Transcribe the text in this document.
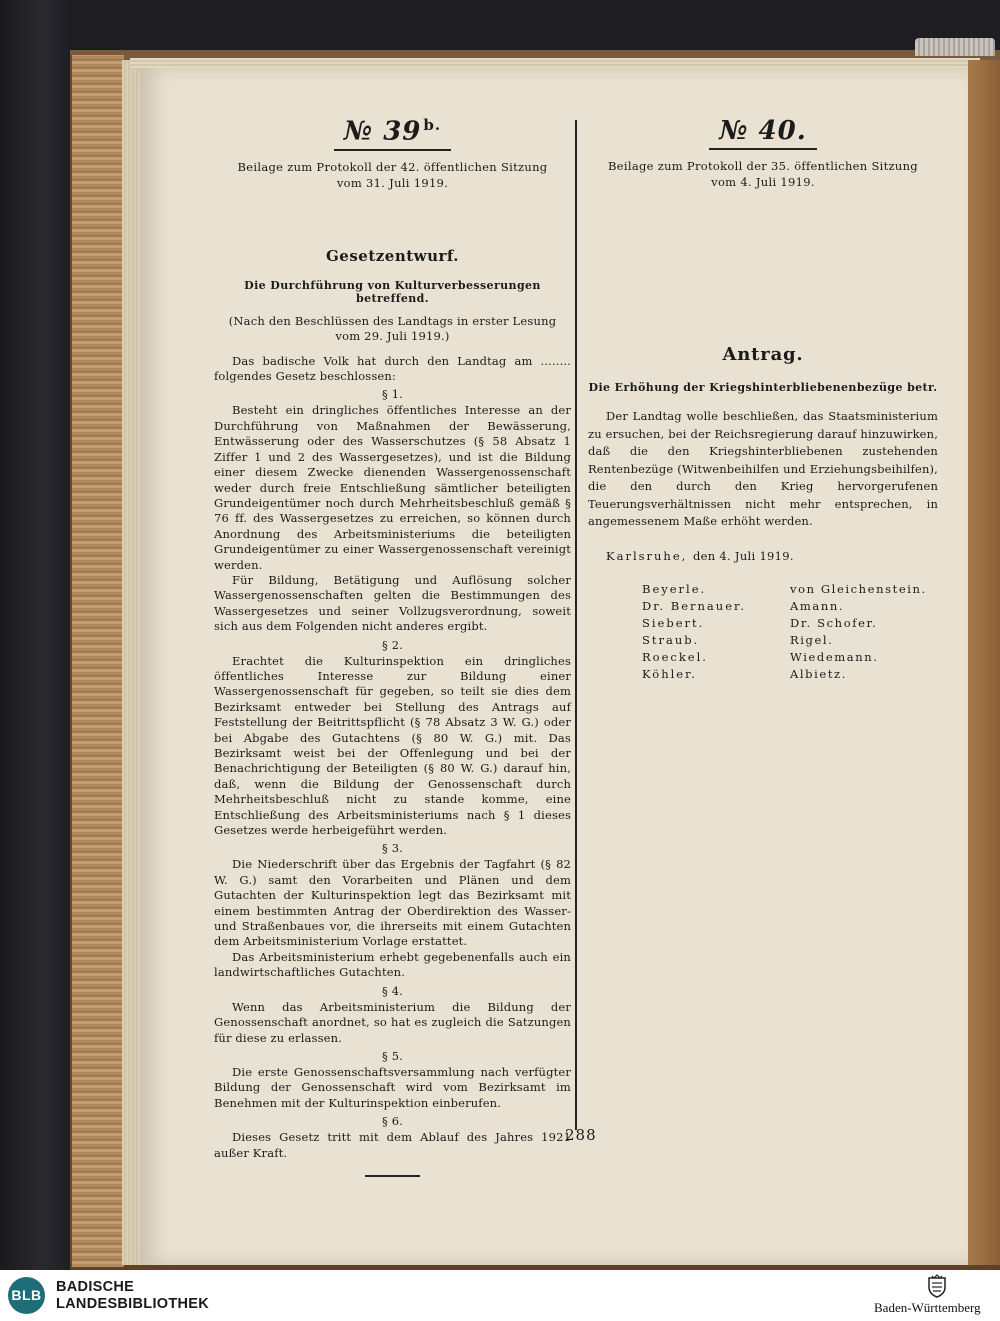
№ 39 $^{b.}$
Beilage zum Protokoll der 42. öffentlichen Sitzung
vom 31. Juli 1919.
Gesetzentwurf.
Die Durchführung von Kulturverbesserungen betreffend.
(Nach den Beschlüssen des Landtags in erster Lesung
vom 29. Juli 1919.)

Das badische Volk hat durch den Landtag am ........ folgendes Gesetz beschlossen:

§ 1.

Besteht ein dringliches öffentliches Interesse an der Durchführung von Maßnahmen der Bewässerung, Entwässerung oder des Wasserschutzes (§ 58 Absatz 1 Ziffer 1 und 2 des Wassergesetzes), und ist die Bildung einer diesem Zwecke dienenden Wassergenossenschaft weder durch freie Entschließung sämtlicher beteiligten Grundeigentümer noch durch Mehrheitsbeschluß gemäß § 76 ff. des Wassergesetzes zu erreichen, so können durch Anordnung des Arbeitsministeriums die beteiligten Grundeigentümer zu einer Wassergenossenschaft vereinigt werden.

Für Bildung, Betätigung und Auflösung solcher Wassergenossenschaften gelten die Bestimmungen des Wassergesetzes und seiner Vollzugsverordnung, soweit sich aus dem Folgenden nicht anderes ergibt.

§ 2.

Erachtet die Kulturinspektion ein dringliches öffentliches Interesse zur Bildung einer Wassergenossenschaft für gegeben, so teilt sie dies dem Bezirksamt entweder bei Stellung des Antrags auf Feststellung der Beitrittspflicht (§ 78 Absatz 3 W. G.) oder bei Abgabe des Gutachtens (§ 80 W. G.) mit. Das Bezirksamt weist bei der Offenlegung und bei der Benachrichtigung der Beteiligten (§ 80 W. G.) darauf hin, daß, wenn die Bildung der Genossenschaft durch Mehrheitsbeschluß nicht zu stande komme, eine Entschließung des Arbeitsministeriums nach § 1 dieses Gesetzes werde herbeigeführt werden.

§ 3.

Die Niederschrift über das Ergebnis der Tagfahrt (§ 82 W. G.) samt den Vorarbeiten und Plänen und dem Gutachten der Kulturinspektion legt das Bezirksamt mit einem bestimmten Antrag der Oberdirektion des Wasser- und Straßenbaues vor, die ihrerseits mit einem Gutachten dem Arbeitsministerium Vorlage erstattet.

Das Arbeitsministerium erhebt gegebenenfalls auch ein landwirtschaftliches Gutachten.

§ 4.

Wenn das Arbeitsministerium die Bildung der Genossenschaft anordnet, so hat es zugleich die Satzungen für diese zu erlassen.

§ 5.

Die erste Genossenschaftsversammlung nach verfügter Bildung der Genossenschaft wird vom Bezirksamt im Benehmen mit der Kulturinspektion einberufen.

§ 6.

Dieses Gesetz tritt mit dem Ablauf des Jahres 1921 außer Kraft.

№ 40.
Beilage zum Protokoll der 35. öffentlichen Sitzung
vom 4. Juli 1919.
Antrag.
Die Erhöhung der Kriegshinterbliebenenbezüge betr.

Der Landtag wolle beschließen, das Staatsministerium zu ersuchen, bei der Reichsregierung darauf hinzuwirken, daß die den Kriegshinterbliebenen zustehenden Rentenbezüge (Witwenbeihilfen und Erziehungsbeihilfen), die den durch den Krieg hervorgerufenen Teuerungsverhältnissen nicht mehr entsprechen, in angemessenem Maße erhöht werden.

Karlsruhe, den 4. Juli 1919.
Beyerle.	von Gleichenstein.
Dr. Bernauer.	Amann.
Siebert.	Dr. Schofer.
Straub.	Rigel.
Roeckel.	Wiedemann.
Köhler.	Albietz.
288
BLB BADISCHE
LANDESBIBLIOTHEK	Baden-Württemberg
